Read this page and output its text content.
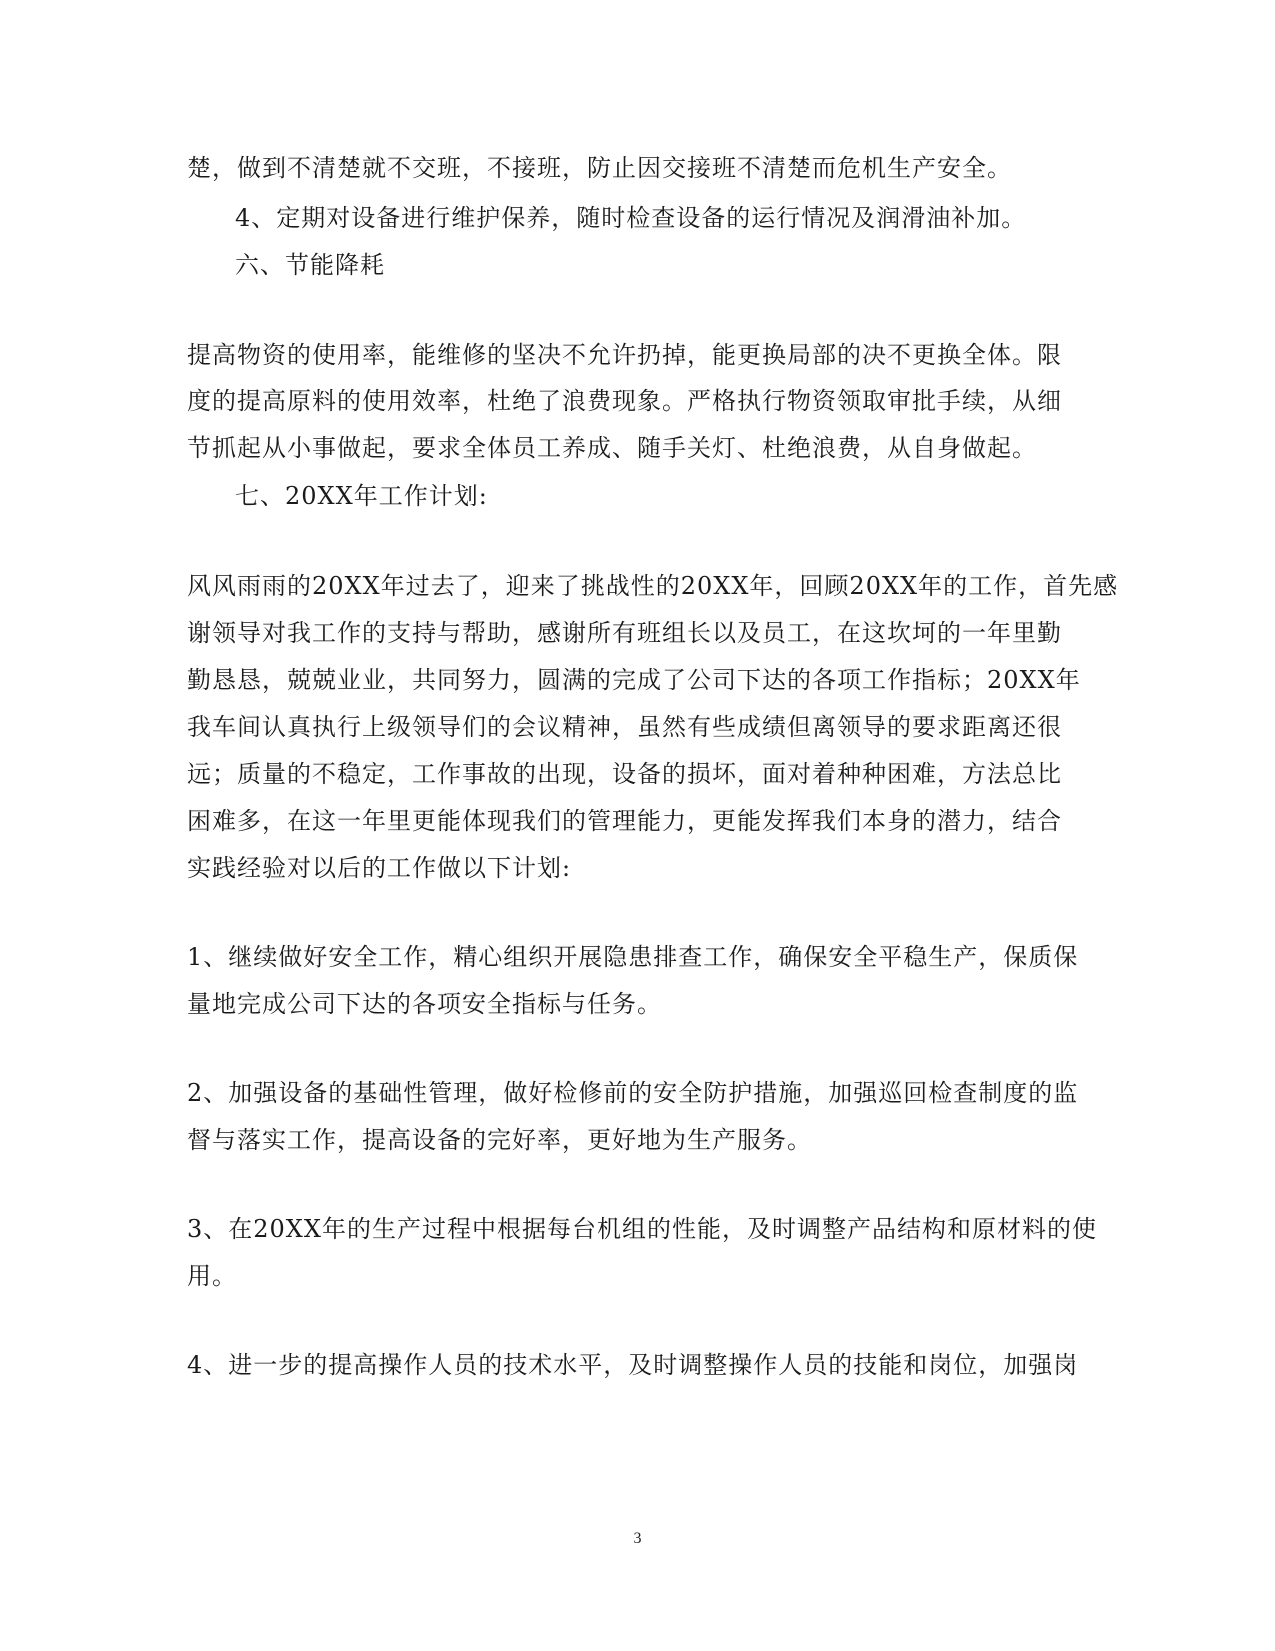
楚，做到不清楚就不交班，不接班，防止因交接班不清楚而危机生产安全。
4、定期对设备进行维护保养，随时检查设备的运行情况及润滑油补加。
六、节能降耗
提高物资的使用率，能维修的坚决不允许扔掉，能更换局部的决不更换全体。限
度的提高原料的使用效率，杜绝了浪费现象。严格执行物资领取审批手续，从细
节抓起从小事做起，要求全体员工养成、随手关灯、杜绝浪费，从自身做起。
七、20XX年工作计划:
风风雨雨的20XX年过去了，迎来了挑战性的20XX年，回顾20XX年的工作，首先感
谢领导对我工作的支持与帮助，感谢所有班组长以及员工，在这坎坷的一年里勤
勤恳恳，兢兢业业，共同努力，圆满的完成了公司下达的各项工作指标；20XX年
我车间认真执行上级领导们的会议精神，虽然有些成绩但离领导的要求距离还很
远；质量的不稳定，工作事故的出现，设备的损坏，面对着种种困难，方法总比
困难多，在这一年里更能体现我们的管理能力，更能发挥我们本身的潜力，结合
实践经验对以后的工作做以下计划:
1、继续做好安全工作，精心组织开展隐患排查工作，确保安全平稳生产，保质保
量地完成公司下达的各项安全指标与任务。
2、加强设备的基础性管理，做好检修前的安全防护措施，加强巡回检查制度的监
督与落实工作，提高设备的完好率，更好地为生产服务。
3、在20XX年的生产过程中根据每台机组的性能，及时调整产品结构和原材料的使
用。
4、进一步的提高操作人员的技术水平，及时调整操作人员的技能和岗位，加强岗
3
